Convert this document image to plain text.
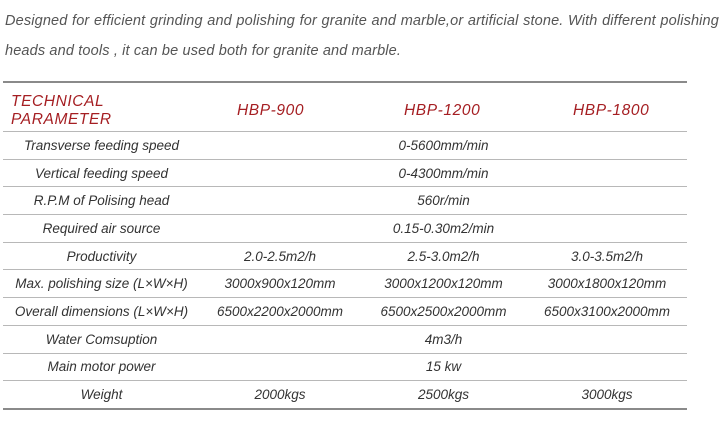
Designed for efficient grinding and polishing for granite and marble,or artificial stone. With different polishing heads and tools , it can be used both for granite and marble.
TECHNICAL PARAMETER	HBP-900	HBP-1200	HBP-1800
Transverse feeding speed	0-5600mm/min		
Vertical feeding speed	0-4300mm/min		
R.P.M of Polising head	560r/min		
Required air source	0.15-0.30m2/min		
Productivity	2.0-2.5m2/h	2.5-3.0m2/h	3.0-3.5m2/h
Max. polishing size (L×W×H)	3000x900x120mm	3000x1200x120mm	3000x1800x120mm
Overall dimensions (L×W×H)	6500x2200x2000mm	6500x2500x2000mm	6500x3100x2000mm
Water Comsuption	4m3/h		
Main motor power	15 kw		
Weight	2000kgs	2500kgs	3000kgs
